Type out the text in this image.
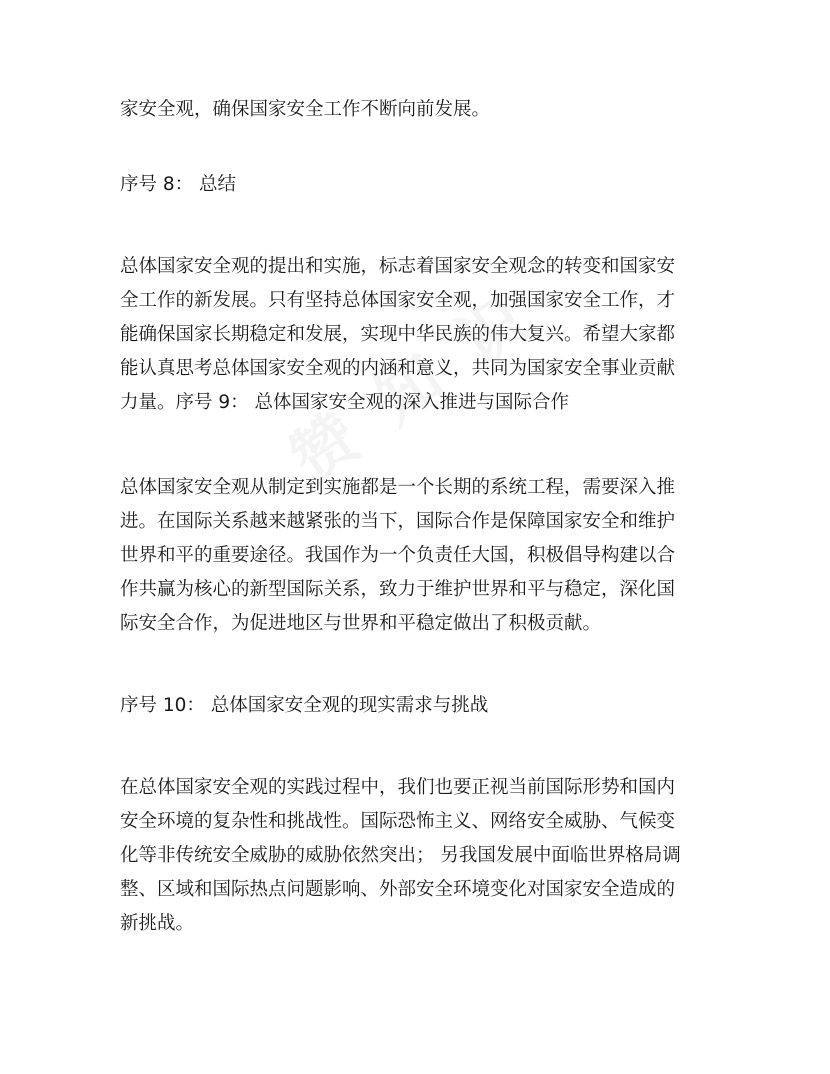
家安全观，确保国家安全工作不断向前发展。
序号 8： 总结
总体国家安全观的提出和实施，标志着国家安全观念的转变和国家安
全工作的新发展。只有坚持总体国家安全观，加强国家安全工作，才
能确保国家长期稳定和发展，实现中华民族的伟大复兴。希望大家都
能认真思考总体国家安全观的内涵和意义，共同为国家安全事业贡献
力量。序号 9： 总体国家安全观的深入推进与国际合作
总体国家安全观从制定到实施都是一个长期的系统工程，需要深入推
进。在国际关系越来越紧张的当下，国际合作是保障国家安全和维护
世界和平的重要途径。我国作为一个负责任大国，积极倡导构建以合
作共赢为核心的新型国际关系，致力于维护世界和平与稳定，深化国
际安全合作，为促进地区与世界和平稳定做出了积极贡献。
序号 10： 总体国家安全观的现实需求与挑战
在总体国家安全观的实践过程中，我们也要正视当前国际形势和国内
安全环境的复杂性和挑战性。国际恐怖主义、网络安全威胁、气候变
化等非传统安全威胁的威胁依然突出； 另我国发展中面临世界格局调
整、区域和国际热点问题影响、外部安全环境变化对国家安全造成的
新挑战。
